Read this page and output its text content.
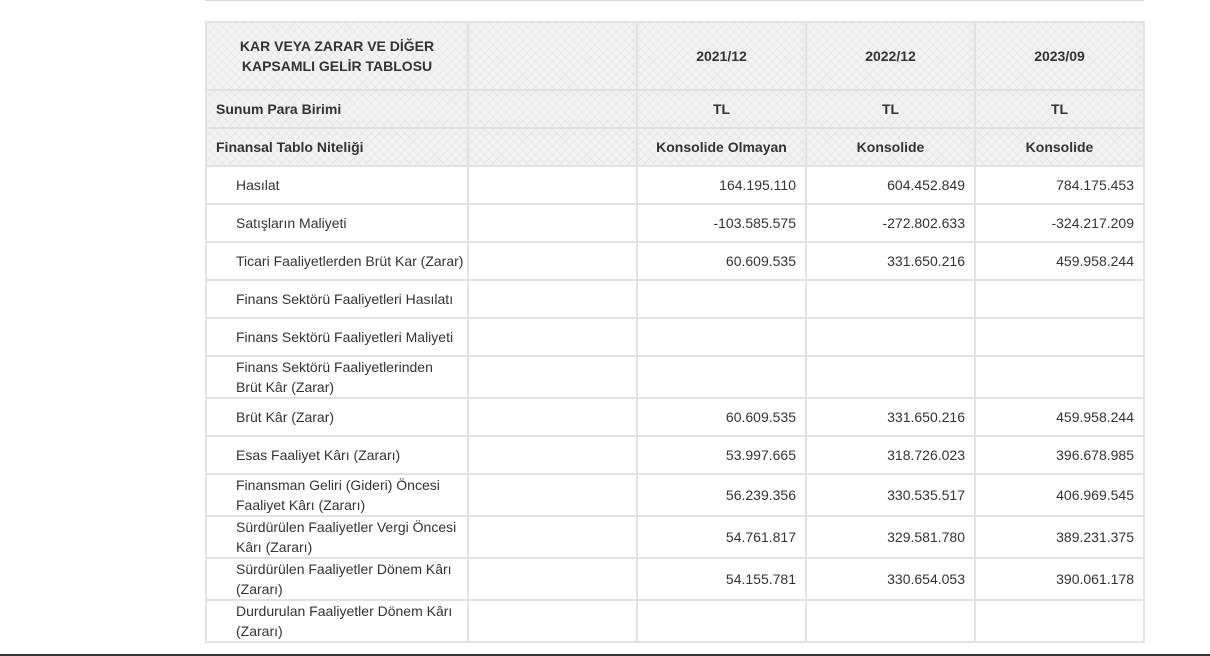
KAR VEYA ZARAR VE DİĞER KAPSAMLI GELİR TABLOSU		2021/12	2022/12	2023/09
Sunum Para Birimi		TL	TL	TL
Finansal Tablo Niteliği		Konsolide Olmayan	Konsolide	Konsolide
Hasılat		164.195.110	604.452.849	784.175.453
Satışların Maliyeti		-103.585.575	-272.802.633	-324.217.209
Ticari Faaliyetlerden Brüt Kar (Zarar)		60.609.535	331.650.216	459.958.244
Finans Sektörü Faaliyetleri Hasılatı				
Finans Sektörü Faaliyetleri Maliyeti				
Finans Sektörü Faaliyetlerinden Brüt Kâr (Zarar)				
Brüt Kâr (Zarar)		60.609.535	331.650.216	459.958.244
Esas Faaliyet Kârı (Zararı)		53.997.665	318.726.023	396.678.985
Finansman Geliri (Gideri) Öncesi Faaliyet Kârı (Zararı)		56.239.356	330.535.517	406.969.545
Sürdürülen Faaliyetler Vergi Öncesi Kârı (Zararı)		54.761.817	329.581.780	389.231.375
Sürdürülen Faaliyetler Dönem Kârı (Zararı)		54.155.781	330.654.053	390.061.178
Durdurulan Faaliyetler Dönem Kârı (Zararı)				
